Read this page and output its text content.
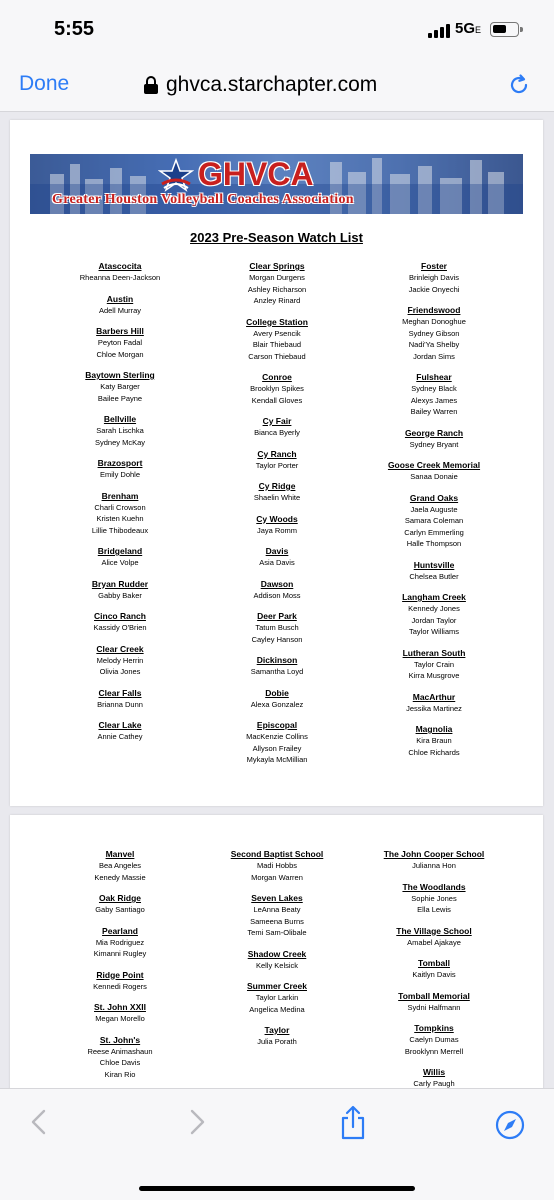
5:55	5GE
Done	ghvca.starchapter.com
GHVCA
Greater Houston Volleyball Coaches Association
2023 Pre-Season Watch List
Atascocita
Rheanna Deen-Jackson
Austin
Adell Murray
Barbers Hill
Peyton Fadal
Chloe Morgan
Baytown Sterling
Katy Barger
Bailee Payne
Bellville
Sarah Lischka
Sydney McKay
Brazosport
Emily Dohle
Brenham
Charli Crowson
Kristen Kuehn
Lillie Thibodeaux
Bridgeland
Alice Volpe
Bryan Rudder
Gabby Baker
Cinco Ranch
Kassidy O'Brien
Clear Creek
Melody Herrin
Olivia Jones
Clear Falls
Brianna Dunn
Clear Lake
Annie Cathey
Clear Springs
Morgan Durgens
Ashley Richarson
Anzley Rinard
College Station
Avery Psencik
Blair Thiebaud
Carson Thiebaud
Conroe
Brooklyn Spikes
Kendall Gloves
Cy Fair
Bianca Byerly
Cy Ranch
Taylor Porter
Cy Ridge
Shaelin White
Cy Woods
Jaya Romm
Davis
Asia Davis
Dawson
Addison Moss
Deer Park
Tatum Busch
Cayley Hanson
Dickinson
Samantha Loyd
Dobie
Alexa Gonzalez
Episcopal
MacKenzie Collins
Allyson Frailey
Mykayla McMillian
Foster
Brinleigh Davis
Jackie Onyechi
Friendswood
Meghan Donoghue
Sydney Gibson
Nadi'Ya Shelby
Jordan Sims
Fulshear
Sydney Black
Alexys James
Bailey Warren
George Ranch
Sydney Bryant
Goose Creek Memorial
Sanaa Donaie
Grand Oaks
Jaela Auguste
Samara Coleman
Carlyn Emmerling
Halle Thompson
Huntsville
Chelsea Butler
Langham Creek
Kennedy Jones
Jordan Taylor
Taylor Williams
Lutheran South
Taylor Crain
Kirra Musgrove
MacArthur
Jessika Martinez
Magnolia
Kira Braun
Chloe Richards
Manvel
Bea Angeles
Kenedy Massie
Oak Ridge
Gaby Santiago
Pearland
Mia Rodriguez
Kimanni Rugley
Ridge Point
Kennedi Rogers
St. John XXII
Megan Morello
St. John's
Reese Animashaun
Chloe Davis
Kiran Rio
Second Baptist School
Madi Hobbs
Morgan Warren
Seven Lakes
LeAnna Beaty
Sameena Burns
Temi Sam-Olibale
Shadow Creek
Kelly Kelsick
Summer Creek
Taylor Larkin
Angelica Medina
Taylor
Julia Porath
The John Cooper School
Julianna Hon
The Woodlands
Sophie Jones
Ella Lewis
The Village School
Amabel Ajakaye
Tomball
Kaitlyn Davis
Tomball Memorial
Sydni Halfmann
Tompkins
Caelyn Dumas
Brooklynn Merrell
Willis
Carly Paugh
